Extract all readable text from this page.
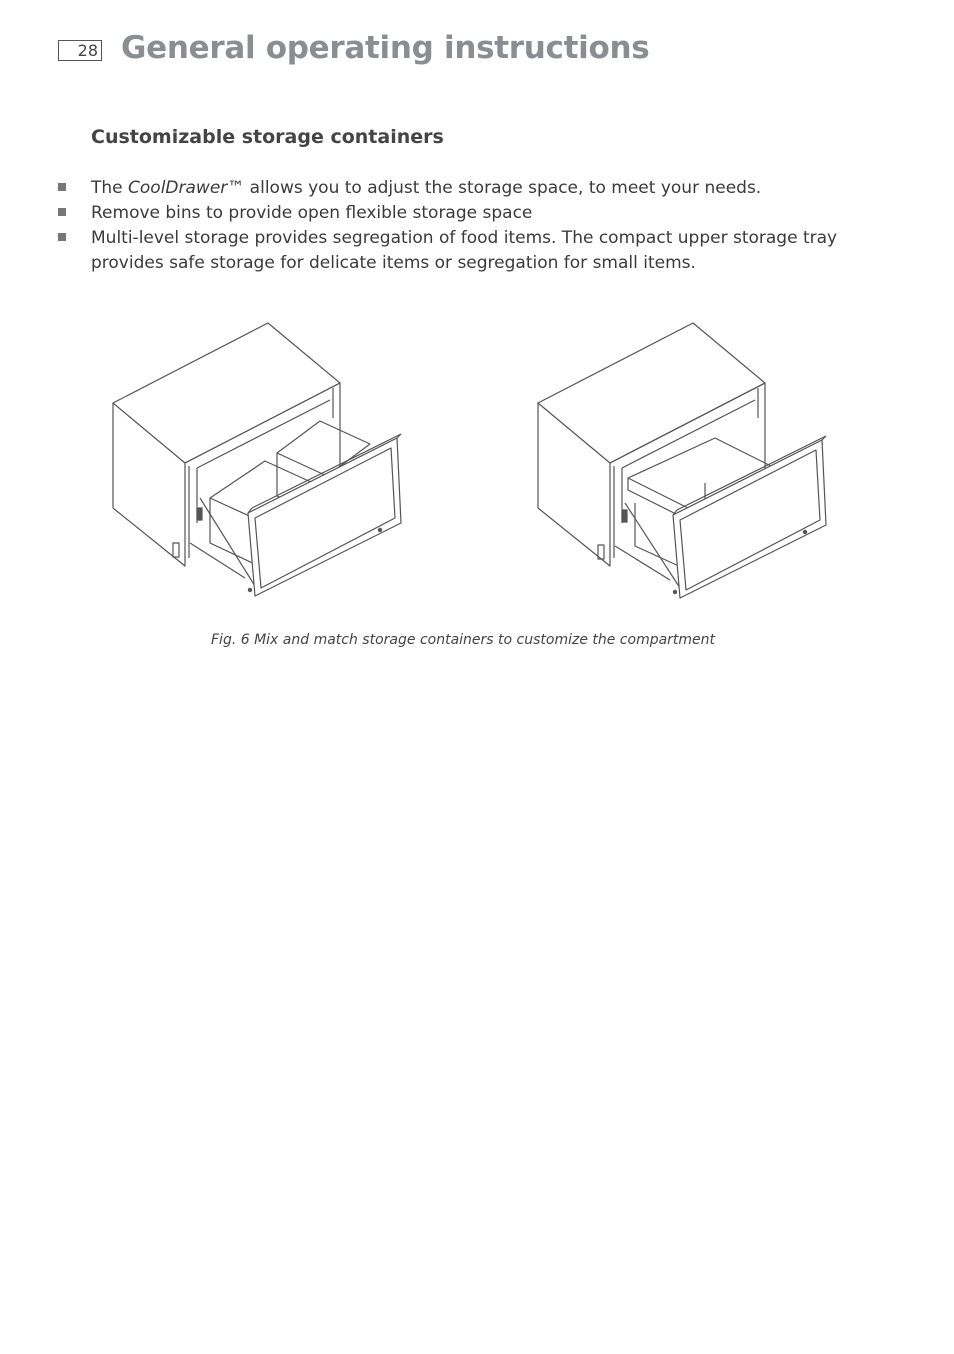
28 General operating instructions
Customizable storage containers
The CoolDrawer™ allows you to adjust the storage space, to meet your needs.
Remove bins to provide open flexible storage space
Multi-level storage provides segregation of food items. The compact upper storage tray provides safe storage for delicate items or segregation for small items.

Fig. 6 Mix and match storage containers to customize the compartment
